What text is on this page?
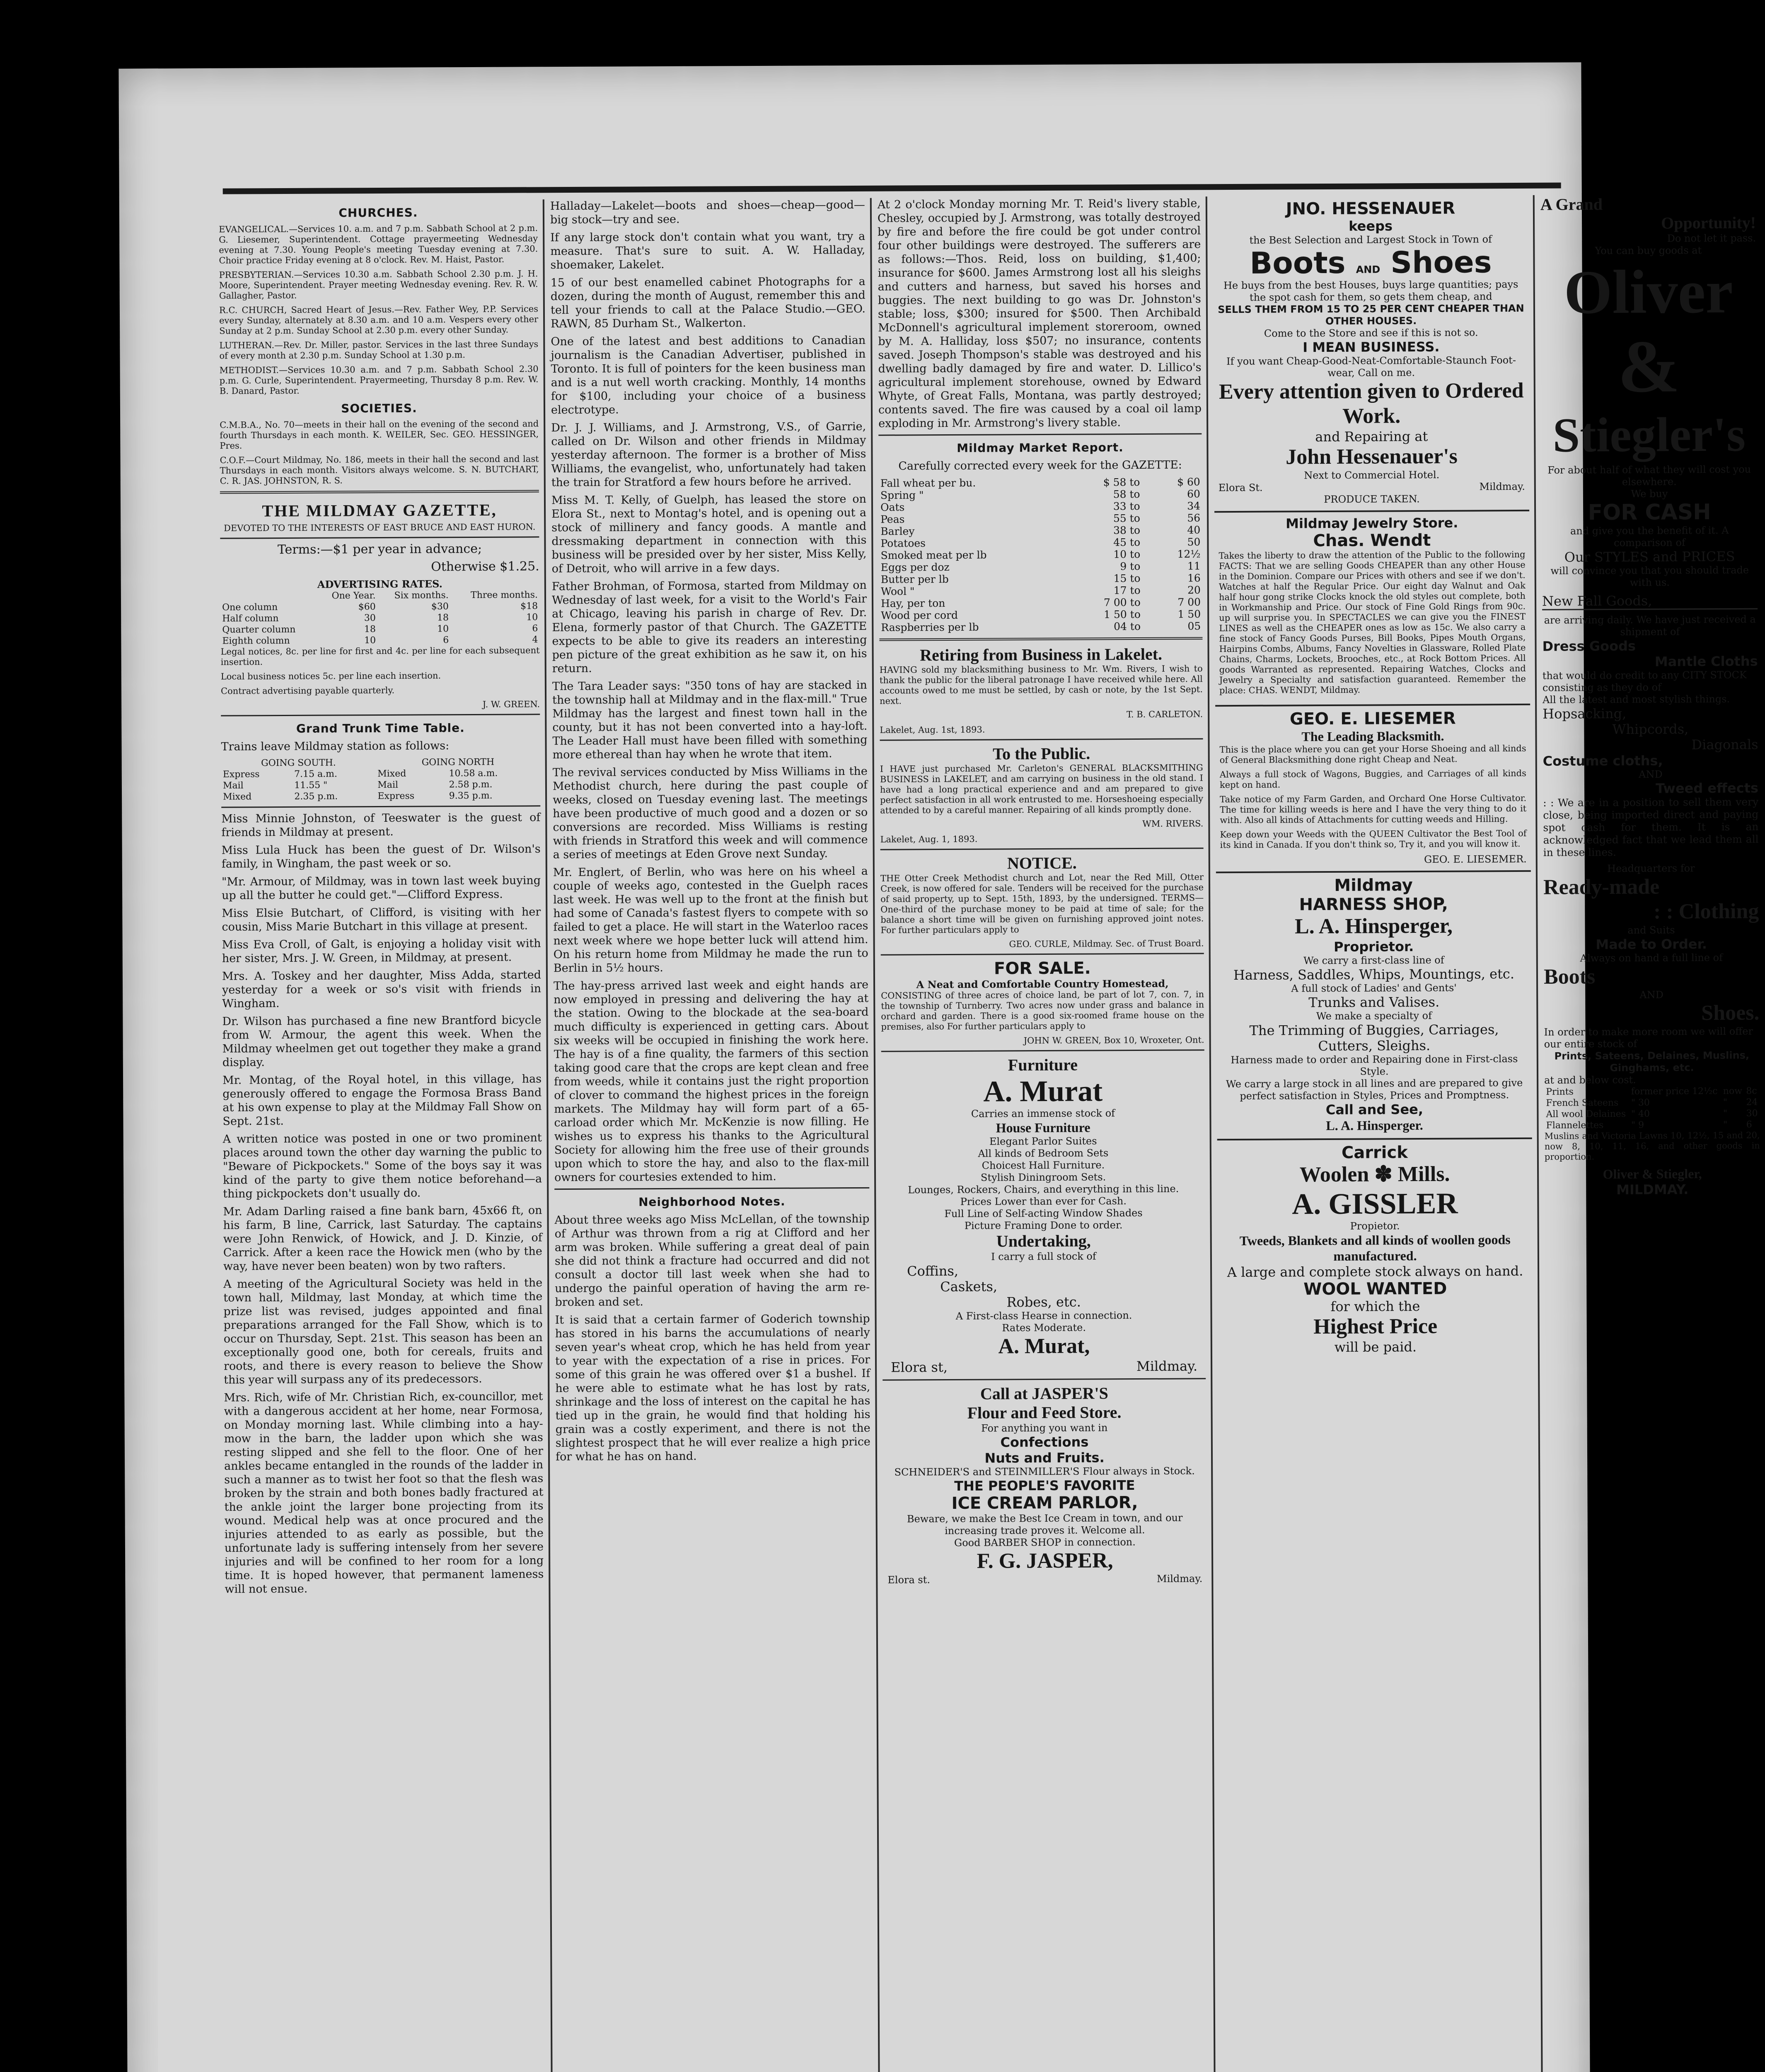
CHURCHES.

EVANGELICAL.—Services 10. a.m. and 7 p.m. Sabbath School at 2 p.m. G. Liesemer, Superintendent. Cottage prayermeeting Wednesday evening at 7.30. Young People's meeting Tuesday evening at 7.30. Choir practice Friday evening at 8 o'clock. Rev. M. Haist, Pastor.

PRESBYTERIAN.—Services 10.30 a.m. Sabbath School 2.30 p.m. J. H. Moore, Superintendent. Prayer meeting Wednesday evening. Rev. R. W. Gallagher, Pastor.

R.C. CHURCH, Sacred Heart of Jesus.—Rev. Father Wey, P.P. Services every Sunday, alternately at 8.30 a.m. and 10 a.m. Vespers every other Sunday at 2 p.m. Sunday School at 2.30 p.m. every other Sunday.

LUTHERAN.—Rev. Dr. Miller, pastor. Services in the last three Sundays of every month at 2.30 p.m. Sunday School at 1.30 p.m.

METHODIST.—Services 10.30 a.m. and 7 p.m. Sabbath School 2.30 p.m. G. Curle, Superintendent. Prayermeeting, Thursday 8 p.m. Rev. W. B. Danard, Pastor.

SOCIETIES.

C.M.B.A., No. 70—meets in their hall on the evening of the second and fourth Thursdays in each month. K. WEILER, Sec. GEO. HESSINGER, Pres.

C.O.F.—Court Mildmay, No. 186, meets in their hall the second and last Thursdays in each month. Visitors always welcome. S. N. BUTCHART, C. R. JAS. JOHNSTON, R. S.

THE MILDMAY GAZETTE,
DEVOTED TO THE INTERESTS OF EAST BRUCE AND EAST HURON.

Terms:—$1 per year in advance;

Otherwise $1.25.

ADVERTISING RATES.
	One Year.	Six months.	Three months.
One column	$60	$30	$18
Half column	30	18	10
Quarter column	18	10	6
Eighth column	10	6	4

Legal notices, 8c. per line for first and 4c. per line for each subsequent insertion.

Local business notices 5c. per line each insertion.

Contract advertising payable quarterly.

J. W. GREEN.

Grand Trunk Time Table.

Trains leave Mildmay station as follows:

GOING SOUTH.		GOING NORTH	
Express	7.15 a.m.	Mixed	10.58 a.m.
Mail	11.55 "	Mail	2.58 p.m.
Mixed	2.35 p.m.	Express	9.35 p.m.

Miss Minnie Johnston, of Teeswater is the guest of friends in Mildmay at present.

Miss Lula Huck has been the guest of Dr. Wilson's family, in Wingham, the past week or so.

"Mr. Armour, of Mildmay, was in town last week buying up all the butter he could get."—Clifford Express.

Miss Elsie Butchart, of Clifford, is visiting with her cousin, Miss Marie Butchart in this village at present.

Miss Eva Croll, of Galt, is enjoying a holiday visit with her sister, Mrs. J. W. Green, in Mildmay, at present.

Mrs. A. Toskey and her daughter, Miss Adda, started yesterday for a week or so's visit with friends in Wingham.

Dr. Wilson has purchased a fine new Brantford bicycle from W. Armour, the agent this week. When the Mildmay wheelmen get out together they make a grand display.

Mr. Montag, of the Royal hotel, in this village, has generously offered to engage the Formosa Brass Band at his own expense to play at the Mildmay Fall Show on Sept. 21st.

A written notice was posted in one or two prominent places around town the other day warning the public to "Beware of Pickpockets." Some of the boys say it was kind of the party to give them notice beforehand—a thing pickpockets don't usually do.

Mr. Adam Darling raised a fine bank barn, 45x66 ft, on his farm, B line, Carrick, last Saturday. The captains were John Renwick, of Howick, and J. D. Kinzie, of Carrick. After a keen race the Howick men (who by the way, have never been beaten) won by two rafters.

A meeting of the Agricultural Society was held in the town hall, Mildmay, last Monday, at which time the prize list was revised, judges appointed and final preparations arranged for the Fall Show, which is to occur on Thursday, Sept. 21st. This season has been an exceptionally good one, both for cereals, fruits and roots, and there is every reason to believe the Show this year will surpass any of its predecessors.

Mrs. Rich, wife of Mr. Christian Rich, ex-councillor, met with a dangerous accident at her home, near Formosa, on Monday morning last. While climbing into a hay-mow in the barn, the ladder upon which she was resting slipped and she fell to the floor. One of her ankles became entangled in the rounds of the ladder in such a manner as to twist her foot so that the flesh was broken by the strain and both bones badly fractured at the ankle joint the larger bone projecting from its wound. Medical help was at once procured and the injuries attended to as early as possible, but the unfortunate lady is suffering intensely from her severe injuries and will be confined to her room for a long time. It is hoped however, that permanent lameness will not ensue.

Halladay—Lakelet—boots and shoes—cheap—good—big stock—try and see.

If any large stock don't contain what you want, try a measure. That's sure to suit. A. W. Halladay, shoemaker, Lakelet.

15 of our best enamelled cabinet Photographs for a dozen, during the month of August, remember this and tell your friends to call at the Palace Studio.—GEO. RAWN, 85 Durham St., Walkerton.

One of the latest and best additions to Canadian journalism is the Canadian Advertiser, published in Toronto. It is full of pointers for the keen business man and is a nut well worth cracking. Monthly, 14 months for $100, including your choice of a business electrotype.

Dr. J. J. Williams, and J. Armstrong, V.S., of Garrie, called on Dr. Wilson and other friends in Mildmay yesterday afternoon. The former is a brother of Miss Williams, the evangelist, who, unfortunately had taken the train for Stratford a few hours before he arrived.

Miss M. T. Kelly, of Guelph, has leased the store on Elora St., next to Montag's hotel, and is opening out a stock of millinery and fancy goods. A mantle and dressmaking department in connection with this business will be presided over by her sister, Miss Kelly, of Detroit, who will arrive in a few days.

Father Brohman, of Formosa, started from Mildmay on Wednesday of last week, for a visit to the World's Fair at Chicago, leaving his parish in charge of Rev. Dr. Elena, formerly pastor of that Church. The GAZETTE expects to be able to give its readers an interesting pen picture of the great exhibition as he saw it, on his return.

The Tara Leader says: "350 tons of hay are stacked in the township hall at Mildmay and in the flax-mill." True Mildmay has the largest and finest town hall in the county, but it has not been converted into a hay-loft. The Leader Hall must have been filled with something more ethereal than hay when he wrote that item.

The revival services conducted by Miss Williams in the Methodist church, here during the past couple of weeks, closed on Tuesday evening last. The meetings have been productive of much good and a dozen or so conversions are recorded. Miss Williams is resting with friends in Stratford this week and will commence a series of meetings at Eden Grove next Sunday.

Mr. Englert, of Berlin, who was here on his wheel a couple of weeks ago, contested in the Guelph races last week. He was well up to the front at the finish but had some of Canada's fastest flyers to compete with so failed to get a place. He will start in the Waterloo races next week where we hope better luck will attend him. On his return home from Mildmay he made the run to Berlin in 5½ hours.

The hay-press arrived last week and eight hands are now employed in pressing and delivering the hay at the station. Owing to the blockade at the sea-board much difficulty is experienced in getting cars. About six weeks will be occupied in finishing the work here. The hay is of a fine quality, the farmers of this section taking good care that the crops are kept clean and free from weeds, while it contains just the right proportion of clover to command the highest prices in the foreign markets. The Mildmay hay will form part of a 65-carload order which Mr. McKenzie is now filling. He wishes us to express his thanks to the Agricultural Society for allowing him the free use of their grounds upon which to store the hay, and also to the flax-mill owners for courtesies extended to him.

Neighborhood Notes.

About three weeks ago Miss McLellan, of the township of Arthur was thrown from a rig at Clifford and her arm was broken. While suffering a great deal of pain she did not think a fracture had occurred and did not consult a doctor till last week when she had to undergo the painful operation of having the arm re-broken and set.

It is said that a certain farmer of Goderich township has stored in his barns the accumulations of nearly seven year's wheat crop, which he has held from year to year with the expectation of a rise in prices. For some of this grain he was offered over $1 a bushel. If he were able to estimate what he has lost by rats, shrinkage and the loss of interest on the capital he has tied up in the grain, he would find that holding his grain was a costly experiment, and there is not the slightest prospect that he will ever realize a high price for what he has on hand.

At 2 o'clock Monday morning Mr. T. Reid's livery stable, Chesley, occupied by J. Armstrong, was totally destroyed by fire and before the fire could be got under control four other buildings were destroyed. The sufferers are as follows:—Thos. Reid, loss on building, $1,400; insurance for $600. James Armstrong lost all his sleighs and cutters and harness, but saved his horses and buggies. The next building to go was Dr. Johnston's stable; loss, $300; insured for $500. Then Archibald McDonnell's agricultural implement storeroom, owned by M. A. Halliday, loss $507; no insurance, contents saved. Joseph Thompson's stable was destroyed and his dwelling badly damaged by fire and water. D. Lillico's agricultural implement storehouse, owned by Edward Whyte, of Great Falls, Montana, was partly destroyed; contents saved. The fire was caused by a coal oil lamp exploding in Mr. Armstrong's livery stable.

Mildmay Market Report.

Carefully corrected every week for the GAZETTE:

Fall wheat per bu.	$ 58	to	$ 60
Spring "	58	to	60
Oats	33	to	34
Peas	55	to	56
Barley	38	to	40
Potatoes	45	to	50
Smoked meat per lb	10	to	12½
Eggs per doz	9	to	11
Butter per lb	15	to	16
Wool "	17	to	20
Hay, per ton	7 00	to	7 00
Wood per cord	1 50	to	1 50
Raspberries per lb	04	to	05
Retiring from Business in Lakelet.

HAVING sold my blacksmithing business to Mr. Wm. Rivers, I wish to thank the public for the liberal patronage I have received while here. All accounts owed to me must be settled, by cash or note, by the 1st Sept. next.

T. B. CARLETON.

Lakelet, Aug. 1st, 1893.

To the Public.

I HAVE just purchased Mr. Carleton's GENERAL BLACKSMITHING BUSINESS in LAKELET, and am carrying on business in the old stand. I have had a long practical experience and and am prepared to give perfect satisfaction in all work entrusted to me. Horseshoeing especially attended to by a careful manner. Repairing of all kinds promptly done.

WM. RIVERS.

Lakelet, Aug. 1, 1893.

NOTICE.

THE Otter Creek Methodist church and Lot, near the Red Mill, Otter Creek, is now offered for sale. Tenders will be received for the purchase of said property, up to Sept. 15th, 1893, by the undersigned. TERMS—One-third of the purchase money to be paid at time of sale; for the balance a short time will be given on furnishing approved joint notes. For further particulars apply to

GEO. CURLE, Mildmay. Sec. of Trust Board.

FOR SALE.
A Neat and Comfortable Country Homestead,

CONSISTING of three acres of choice land, be part of lot 7, con. 7, in the township of Turnberry. Two acres now under grass and balance in orchard and garden. There is a good six-roomed frame house on the premises, also For further particulars apply to

JOHN W. GREEN, Box 10, Wroxeter, Ont.

Furniture
A. Murat
Carries an immense stock of
House Furniture
Elegant Parlor Suites
All kinds of Bedroom Sets
Choicest Hall Furniture.
Stylish Diningroom Sets.
Lounges, Rockers, Chairs, and everything in this line.
Prices Lower than ever for Cash.
Full Line of Self-acting Window Shades
Picture Framing Done to order.
Undertaking,
I carry a full stock of
Coffins,
Caskets,
Robes, etc.
A First-class Hearse in connection.
Rates Moderate.
A. Murat,
Elora st,	Mildmay.
Call at JASPER'S
Flour and Feed Store.
For anything you want in
Confections
Nuts and Fruits.
SCHNEIDER'S and STEINMILLER'S Flour always in Stock.
THE PEOPLE'S FAVORITE
ICE CREAM PARLOR,
Beware, we make the Best Ice Cream in town, and our increasing trade proves it. Welcome all.
Good BARBER SHOP in connection.
F. G. JASPER,
Elora st.	Mildmay.
JNO. HESSENAUER
keeps
the Best Selection and Largest Stock in Town of
Boots AND Shoes
He buys from the best Houses, buys large quantities; pays the spot cash for them, so gets them cheap, and
SELLS THEM FROM 15 TO 25 PER CENT CHEAPER THAN OTHER HOUSES.
Come to the Store and see if this is not so.
I MEAN BUSINESS.
If you want Cheap-Good-Neat-Comfortable-Staunch Foot-wear, Call on me.
Every attention given to Ordered Work.
and Repairing at
John Hessenauer's
Next to Commercial Hotel.
Elora St.	Mildmay.
PRODUCE TAKEN.
Mildmay Jewelry Store.
Chas. Wendt

Takes the liberty to draw the attention of the Public to the following FACTS: That we are selling Goods CHEAPER than any other House in the Dominion. Compare our Prices with others and see if we don't. Watches at half the Regular Price. Our eight day Walnut and Oak half hour gong strike Clocks knock the old styles out complete, both in Workmanship and Price. Our stock of Fine Gold Rings from 90c. up will surprise you. In SPECTACLES we can give you the FINEST LINES as well as the CHEAPER ones as low as 15c. We also carry a fine stock of Fancy Goods Purses, Bill Books, Pipes Mouth Organs, Hairpins Combs, Albums, Fancy Novelties in Glassware, Rolled Plate Chains, Charms, Lockets, Brooches, etc., at Rock Bottom Prices. All goods Warranted as represented. Repairing Watches, Clocks and Jewelry a Specialty and satisfaction guaranteed. Remember the place: CHAS. WENDT, Mildmay.

GEO. E. LIESEMER
The Leading Blacksmith.

This is the place where you can get your Horse Shoeing and all kinds of General Blacksmithing done right Cheap and Neat.

Always a full stock of Wagons, Buggies, and Carriages of all kinds kept on hand.

Take notice of my Farm Garden, and Orchard One Horse Cultivator. The time for killing weeds is here and I have the very thing to do it with. Also all kinds of Attachments for cutting weeds and Hilling.

Keep down your Weeds with the QUEEN Cultivator the Best Tool of its kind in Canada. If you don't think so, Try it, and you will know it.

GEO. E. LIESEMER.
Mildmay
HARNESS SHOP,
L. A. Hinsperger,
Proprietor.
We carry a first-class line of
Harness, Saddles, Whips, Mountings, etc.
A full stock of Ladies' and Gents'
Trunks and Valises.
We make a specialty of
The Trimming of Buggies, Carriages, Cutters, Sleighs.
Harness made to order and Repairing done in First-class Style.
We carry a large stock in all lines and are prepared to give perfect satisfaction in Styles, Prices and Promptness.
Call and See,
L. A. Hinsperger.
Carrick
Woolen ✽ Mills.
A. GISSLER
Propietor.
Tweeds, Blankets and all kinds of woollen goods manufactured.
A large and complete stock always on hand.
WOOL WANTED
for which the
Highest Price
will be paid.
A Grand
Opportunity!
Do not let it pass.
You can buy goods at
Oliver
&
Stiegler's
For about half of what they will cost you elsewhere.
We buy
FOR CASH
and give you the benefit of it. A comparison of
Our STYLES and PRICES
will convince you that you should trade with us.
New Fall Goods,
are arriving daily. We have just received a shipment of
Dress Goods
Mantle Cloths
that would do credit to any CITY STOCK consisting as they do of
All the latest and most stylish things.
Hopsacking,
Whipcords,
Diagonals
Costume cloths,
AND
Tweed effects

: : We are in a position to sell them very close, being imported direct and paying spot cash for them. It is an acknowledged fact that we lead them all in these lines.

Headquarters for
Ready-made
: : Clothing
and Suits
Made to Order.
Always on hand a full line of
Boots
AND
Shoes.
In order to make more room we will offer our entire stock of
Prints, Sateens, Delaines, Muslins, Ginghams, etc.
at and below cost.
Prints	former price 12½c	now	8c
French Sateens	" 30	"	24
All wool Delaines	" 40	"	30
Flannelettes	" 9	"	6

Muslins and Victoria Lawns 10, 12½, 15 and 20, now 8, 10, 11, 16, and other goods in proportion.

Oliver & Stiegler,
MILDMAY.
